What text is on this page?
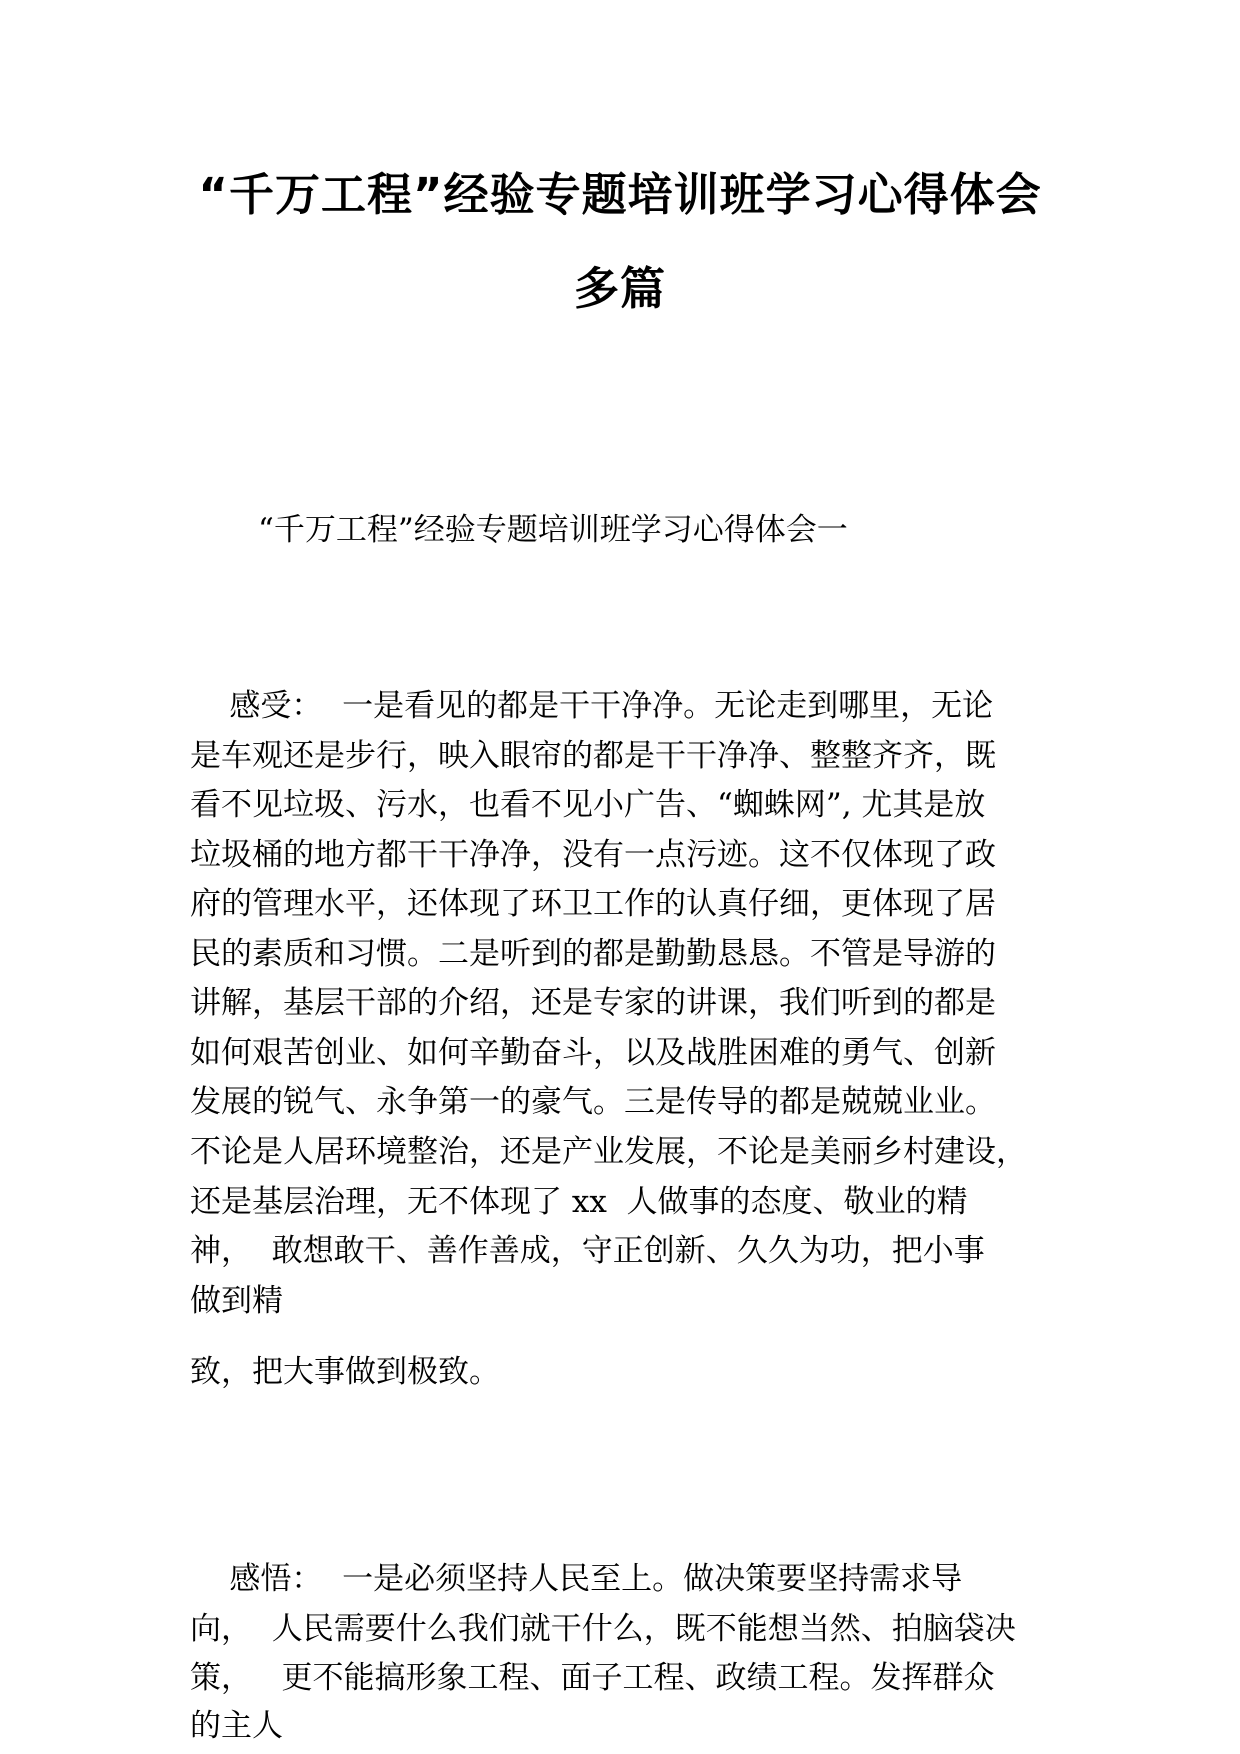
“千万工程”经验专题培训班学习心得体会
多篇

“千万工程”经验专题培训班学习心得体会一

感受：  一是看见的都是干干净净。无论走到哪里，无论

是车观还是步行，映入眼帘的都是干干净净、整整齐齐，既

看不见垃圾、污水，也看不见小广告、“蜘蛛网”, 尤其是放

垃圾桶的地方都干干净净，没有一点污迹。这不仅体现了政

府的管理水平，还体现了环卫工作的认真仔细，更体现了居

民的素质和习惯。二是听到的都是勤勤恳恳。不管是导游的

讲解，基层干部的介绍，还是专家的讲课，我们听到的都是

如何艰苦创业、如何辛勤奋斗，以及战胜困难的勇气、创新

发展的锐气、永争第一的豪气。三是传导的都是兢兢业业。

不论是人居环境整治，还是产业发展，不论是美丽乡村建设，

还是基层治理，无不体现了 xx  人做事的态度、敬业的精

神，  敢想敢干、善作善成，守正创新、久久为功，把小事

做到精

致，把大事做到极致。

感悟：  一是必须坚持人民至上。做决策要坚持需求导

向，  人民需要什么我们就干什么，既不能想当然、拍脑袋决

策，   更不能搞形象工程、面子工程、政绩工程。发挥群众

的主人
